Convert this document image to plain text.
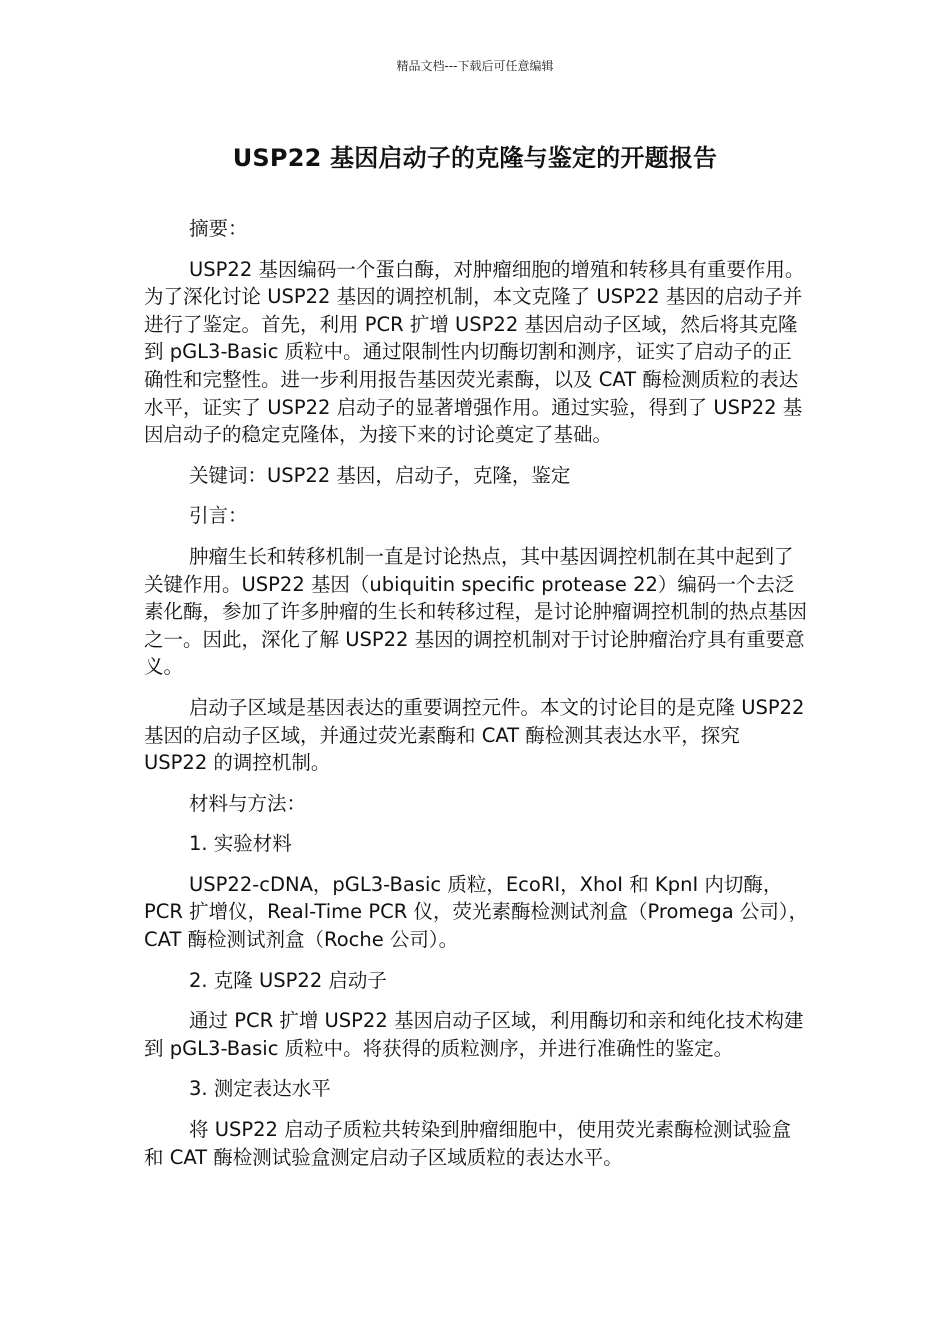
精品文档---下载后可任意编辑
USP22 基因启动子的克隆与鉴定的开题报告

摘要：

USP22 基因编码一个蛋白酶，对肿瘤细胞的增殖和转移具有重要作用。为了深化讨论 USP22 基因的调控机制，本文克隆了 USP22 基因的启动子并进行了鉴定。首先，利用 PCR 扩增 USP22 基因启动子区域，然后将其克隆到 pGL3-Basic 质粒中。通过限制性内切酶切割和测序，证实了启动子的正确性和完整性。进一步利用报告基因荧光素酶，以及 CAT 酶检测质粒的表达水平，证实了 USP22 启动子的显著增强作用。通过实验，得到了 USP22 基因启动子的稳定克隆体，为接下来的讨论奠定了基础。

关键词：USP22 基因，启动子，克隆，鉴定

引言：

肿瘤生长和转移机制一直是讨论热点，其中基因调控机制在其中起到了关键作用。USP22 基因（ubiquitin specific protease 22）编码一个去泛素化酶，参加了许多肿瘤的生长和转移过程，是讨论肿瘤调控机制的热点基因之一。因此，深化了解 USP22 基因的调控机制对于讨论肿瘤治疗具有重要意义。

启动子区域是基因表达的重要调控元件。本文的讨论目的是克隆 USP22 基因的启动子区域，并通过荧光素酶和 CAT 酶检测其表达水平，探究 USP22 的调控机制。

材料与方法：

1. 实验材料

USP22-cDNA，pGL3-Basic 质粒，EcoRI，XhoI 和 KpnI 内切酶，PCR 扩增仪，Real-Time PCR 仪，荧光素酶检测试剂盒（Promega 公司），CAT 酶检测试剂盒（Roche 公司）。

2. 克隆 USP22 启动子

通过 PCR 扩增 USP22 基因启动子区域，利用酶切和亲和纯化技术构建到 pGL3-Basic 质粒中。将获得的质粒测序，并进行准确性的鉴定。

3. 测定表达水平

将 USP22 启动子质粒共转染到肿瘤细胞中，使用荧光素酶检测试验盒和 CAT 酶检测试验盒测定启动子区域质粒的表达水平。
